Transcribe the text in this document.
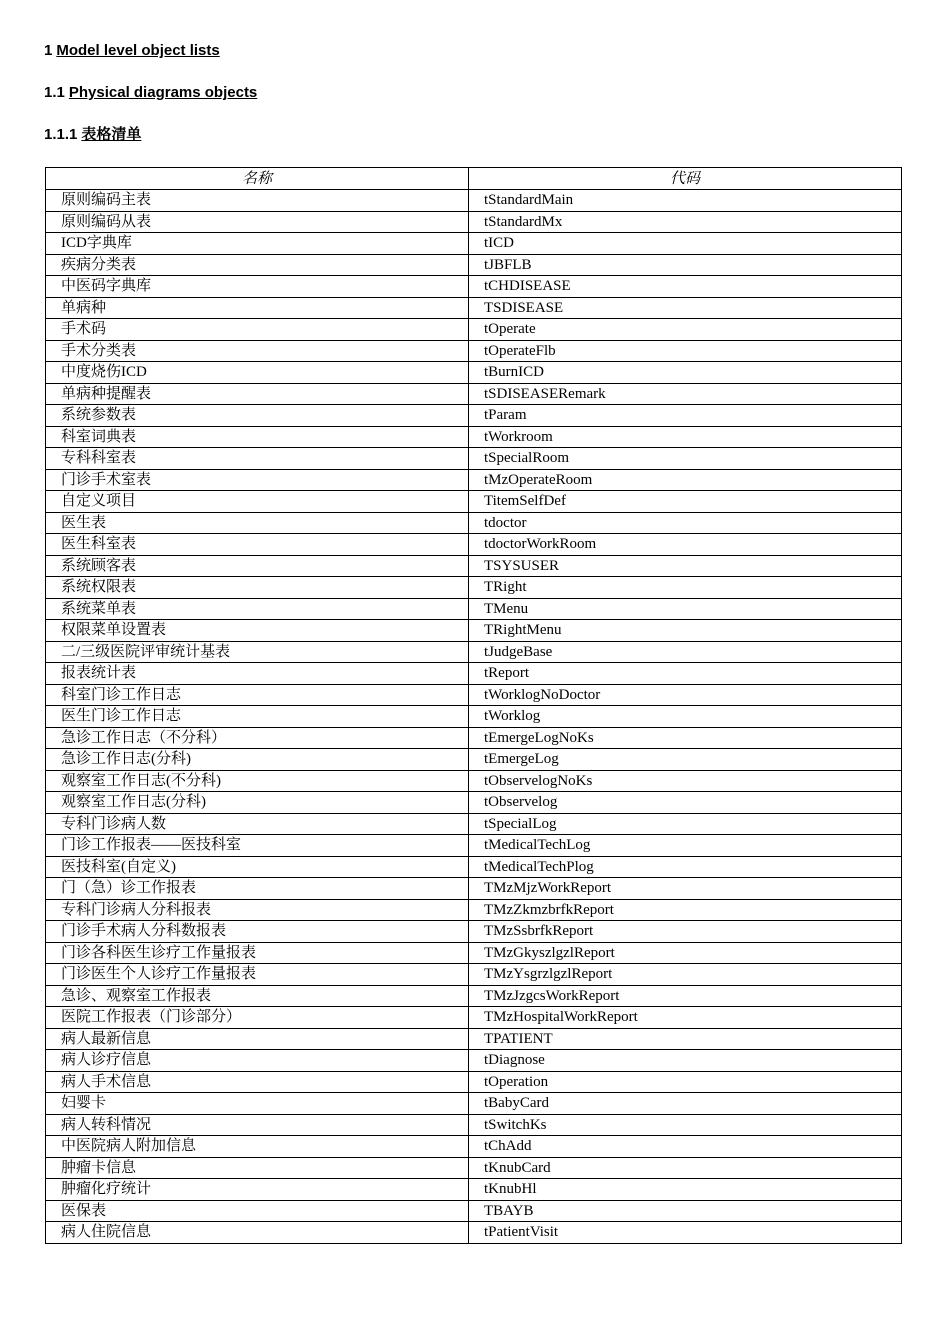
1 Model level object lists
1.1 Physical diagrams objects
1.1.1 表格清单
名称	代码
原则编码主表	tStandardMain
原则编码从表	tStandardMx
ICD字典库	tICD
疾病分类表	tJBFLB
中医码字典库	tCHDISEASE
单病种	TSDISEASE
手术码	tOperate
手术分类表	tOperateFlb
中度烧伤ICD	tBurnICD
单病种提醒表	tSDISEASERemark
系统参数表	tParam
科室词典表	tWorkroom
专科科室表	tSpecialRoom
门诊手术室表	tMzOperateRoom
自定义项目	TitemSelfDef
医生表	tdoctor
医生科室表	tdoctorWorkRoom
系统顾客表	TSYSUSER
系统权限表	TRight
系统菜单表	TMenu
权限菜单设置表	TRightMenu
二/三级医院评审统计基表	tJudgeBase
报表统计表	tReport
科室门诊工作日志	tWorklogNoDoctor
医生门诊工作日志	tWorklog
急诊工作日志（不分科）	tEmergeLogNoKs
急诊工作日志(分科)	tEmergeLog
观察室工作日志(不分科)	tObservelogNoKs
观察室工作日志(分科)	tObservelog
专科门诊病人数	tSpecialLog
门诊工作报表——医技科室	tMedicalTechLog
医技科室(自定义)	tMedicalTechPlog
门（急）诊工作报表	TMzMjzWorkReport
专科门诊病人分科报表	TMzZkmzbrfkReport
门诊手术病人分科数报表	TMzSsbrfkReport
门诊各科医生诊疗工作量报表	TMzGkyszlgzlReport
门诊医生个人诊疗工作量报表	TMzYsgrzlgzlReport
急诊、观察室工作报表	TMzJzgcsWorkReport
医院工作报表（门诊部分）	TMzHospitalWorkReport
病人最新信息	TPATIENT
病人诊疗信息	tDiagnose
病人手术信息	tOperation
妇婴卡	tBabyCard
病人转科情况	tSwitchKs
中医院病人附加信息	tChAdd
肿瘤卡信息	tKnubCard
肿瘤化疗统计	tKnubHl
医保表	TBAYB
病人住院信息	tPatientVisit
